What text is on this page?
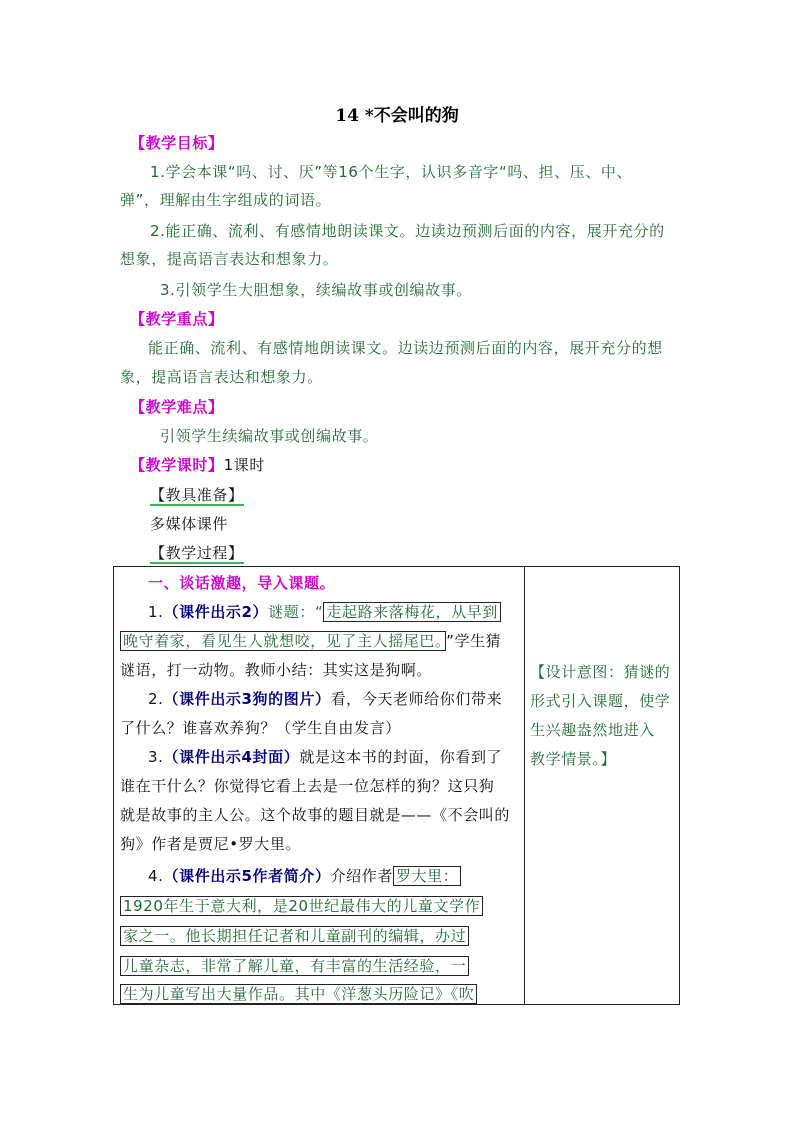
14 *不会叫的狗
【教学目标】
1.学会本课“吗、讨、厌”等16个生字，认识多音字“吗、担、压、中、
弹”，理解由生字组成的词语。
2.能正确、流利、有感情地朗读课文。边读边预测后面的内容，展开充分的
想象，提高语言表达和想象力。
3.引领学生大胆想象，续编故事或创编故事。
【教学重点】
能正确、流利、有感情地朗读课文。边读边预测后面的内容，展开充分的想
象，提高语言表达和想象力。
【教学难点】
引领学生续编故事或创编故事。
【教学课时】1课时
【教具准备】
多媒体课件
【教学过程】
一、谈话激趣，导入课题。
1.（课件出示2）谜题：“ 走起路来落梅花，从早到
晚守着家，看见生人就想咬，见了主人摇尾巴。 ”学生猜
谜语，打一动物。教师小结：其实这是狗啊。
2.（课件出示3狗的图片）看，今天老师给你们带来
了什么？谁喜欢养狗？（学生自由发言）
3.（课件出示4封面）就是这本书的封面，你看到了
谁在干什么？你觉得它看上去是一位怎样的狗？这只狗
就是故事的主人公。这个故事的题目就是——《不会叫的
狗》作者是贾尼•罗大里。
4.（课件出示5作者简介）介绍作者 罗大里：
1920年生于意大利，是20世纪最伟大的儿童文学作
家之一。他长期担任记者和儿童副刊的编辑，办过
儿童杂志，非常了解儿童，有丰富的生活经验，一
生为儿童写出大量作品。其中《洋葱头历险记》《吹
【设计意图：猜谜的
形式引入课题，使学
生兴趣盎然地进入
教学情景。】
